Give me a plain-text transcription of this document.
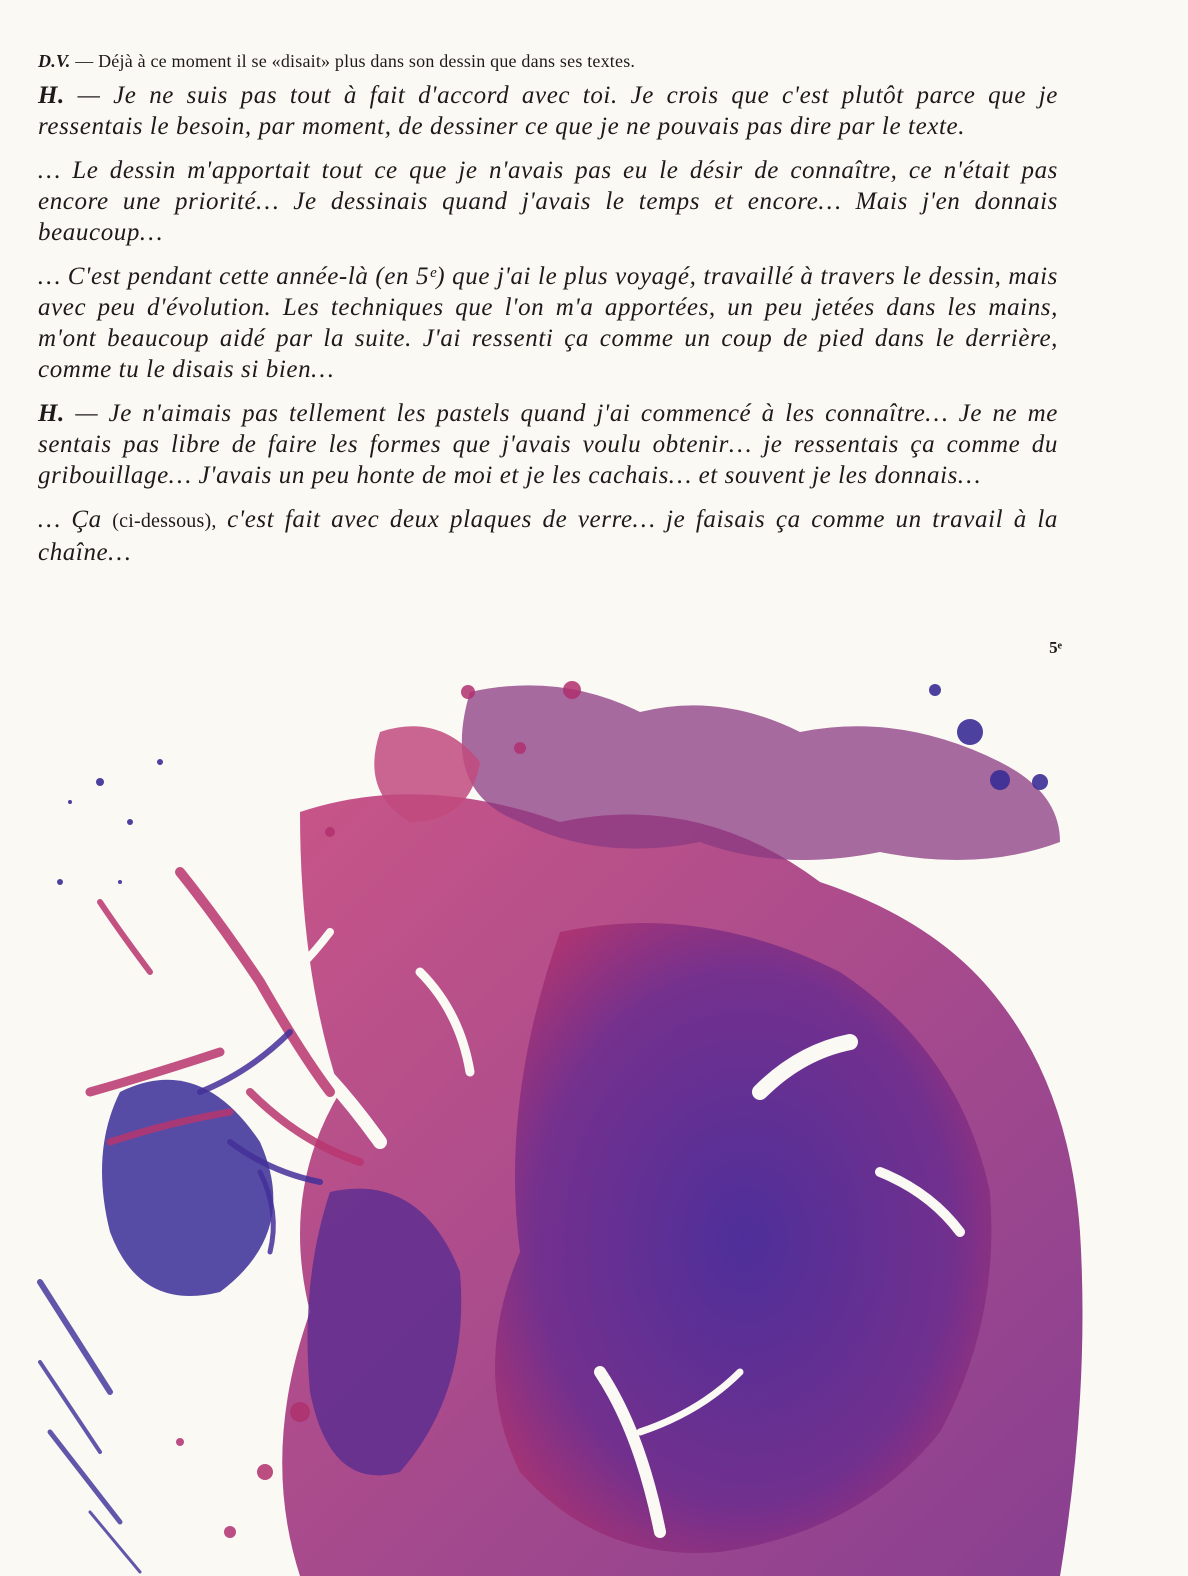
D.V. — Déjà à ce moment il se «disait» plus dans son dessin que dans ses textes.

H. — Je ne suis pas tout à fait d'accord avec toi. Je crois que c'est plutôt parce que je ressentais le besoin, par moment, de dessiner ce que je ne pouvais pas dire par le texte.

… Le dessin m'apportait tout ce que je n'avais pas eu le désir de connaître, ce n'était pas encore une priorité… Je dessinais quand j'avais le temps et encore… Mais j'en donnais beaucoup…

… C'est pendant cette année-là (en 5ᵉ) que j'ai le plus voyagé, travaillé à travers le dessin, mais avec peu d'évolution. Les techniques que l'on m'a apportées, un peu jetées dans les mains, m'ont beaucoup aidé par la suite. J'ai ressenti ça comme un coup de pied dans le derrière, comme tu le disais si bien…

H. — Je n'aimais pas tellement les pastels quand j'ai commencé à les connaître… Je ne me sentais pas libre de faire les formes que j'avais voulu obtenir… je ressentais ça comme du gribouillage… J'avais un peu honte de moi et je les cachais… et souvent je les donnais…

… Ça (ci-dessous), c'est fait avec deux plaques de verre… je faisais ça comme un travail à la chaîne…

5ᵉ
